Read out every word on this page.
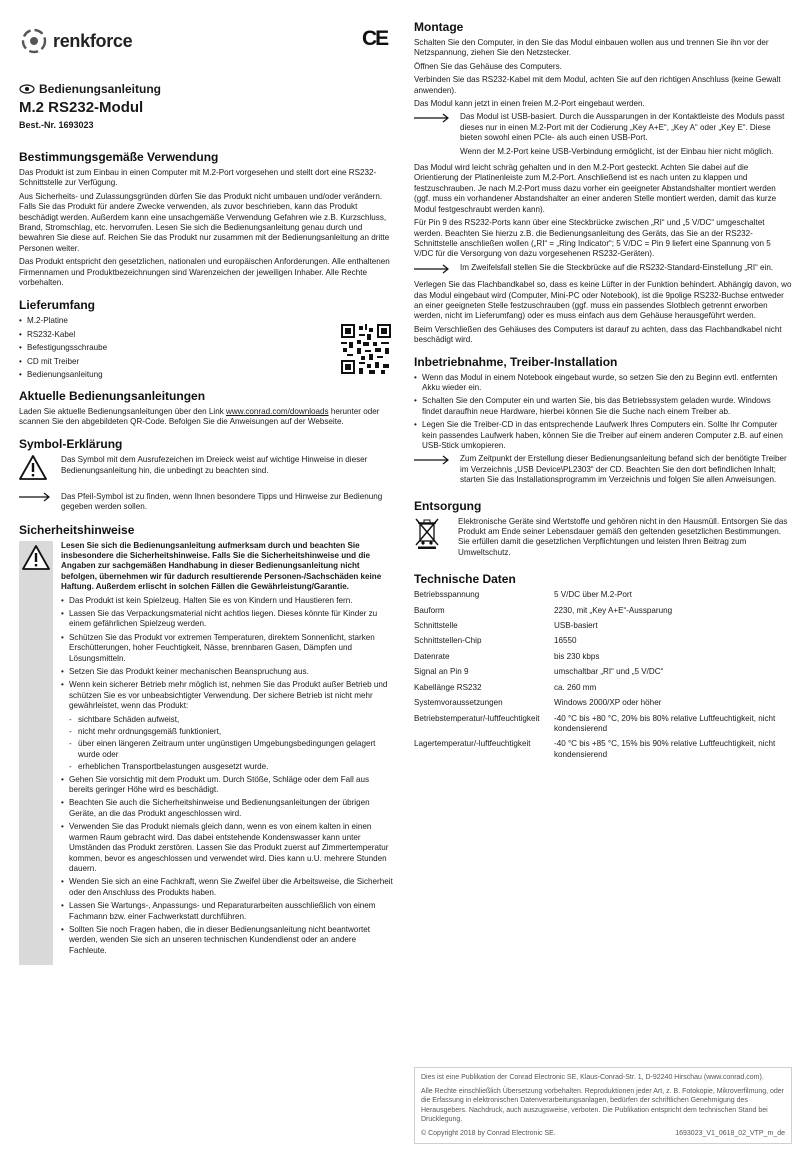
renkforce	CE
Bedienungsanleitung
M.2 RS232-Modul
Best.-Nr. 1693023
Bestimmungsgemäße Verwendung

Das Produkt ist zum Einbau in einen Computer mit M.2-Port vorgesehen und stellt dort eine RS232-Schnittstelle zur Verfügung.

Aus Sicherheits- und Zulassungsgründen dürfen Sie das Produkt nicht umbauen und/oder verändern. Falls Sie das Produkt für andere Zwecke verwenden, als zuvor beschrieben, kann das Produkt beschädigt werden. Außerdem kann eine unsachgemäße Verwendung Gefahren wie z.B. Kurzschluss, Brand, Stromschlag, etc. hervorrufen. Lesen Sie sich die Bedienungsanleitung genau durch und bewahren Sie diese auf. Reichen Sie das Produkt nur zusammen mit der Bedienungsanleitung an dritte Personen weiter.

Das Produkt entspricht den gesetzlichen, nationalen und europäischen Anforderungen. Alle enthaltenen Firmennamen und Produktbezeichnungen sind Warenzeichen der jeweiligen Inhaber. Alle Rechte vorbehalten.

Lieferumfang
• M.2-Platine
• RS232-Kabel
• Befestigungsschraube
• CD mit Treiber
• Bedienungsanleitung
Aktuelle Bedienungsanleitungen

Laden Sie aktuelle Bedienungsanleitungen über den Link www.conrad.com/downloads herunter oder scannen Sie den abgebildeten QR-Code. Befolgen Sie die Anweisungen auf der Webseite.

Symbol-Erklärung

Das Symbol mit dem Ausrufezeichen im Dreieck weist auf wichtige Hinweise in dieser Bedienungsanleitung hin, die unbedingt zu beachten sind.

Das Pfeil-Symbol ist zu finden, wenn Ihnen besondere Tipps und Hinweise zur Bedienung gegeben werden sollen.

Sicherheitshinweise

Lesen Sie sich die Bedienungsanleitung aufmerksam durch und beachten Sie insbesondere die Sicherheitshinweise. Falls Sie die Sicherheitshinweise und die Angaben zur sachgemäßen Handhabung in dieser Bedienungsanleitung nicht befolgen, übernehmen wir für dadurch resultierende Personen-/Sachschäden keine Haftung. Außerdem erlischt in solchen Fällen die Gewährleistung/Garantie.

• Das Produkt ist kein Spielzeug. Halten Sie es von Kindern und Haustieren fern.
• Lassen Sie das Verpackungsmaterial nicht achtlos liegen. Dieses könnte für Kinder zu einem gefährlichen Spielzeug werden.
• Schützen Sie das Produkt vor extremen Temperaturen, direktem Sonnenlicht, starken Erschütterungen, hoher Feuchtigkeit, Nässe, brennbaren Gasen, Dämpfen und Lösungsmitteln.
• Setzen Sie das Produkt keiner mechanischen Beanspruchung aus.
• Wenn kein sicherer Betrieb mehr möglich ist, nehmen Sie das Produkt außer Betrieb und schützen Sie es vor unbeabsichtigter Verwendung. Der sichere Betrieb ist nicht mehr gewährleistet, wenn das Produkt:
- sichtbare Schäden aufweist,
- nicht mehr ordnungsgemäß funktioniert,
- über einen längeren Zeitraum unter ungünstigen Umgebungsbedingungen gelagert wurde oder
- erheblichen Transportbelastungen ausgesetzt wurde.
• Gehen Sie vorsichtig mit dem Produkt um. Durch Stöße, Schläge oder dem Fall aus bereits geringer Höhe wird es beschädigt.
• Beachten Sie auch die Sicherheitshinweise und Bedienungsanleitungen der übrigen Geräte, an die das Produkt angeschlossen wird.
• Verwenden Sie das Produkt niemals gleich dann, wenn es von einem kalten in einen warmen Raum gebracht wird. Das dabei entstehende Kondenswasser kann unter Umständen das Produkt zerstören. Lassen Sie das Produkt zuerst auf Zimmertemperatur kommen, bevor es angeschlossen und verwendet wird. Dies kann u.U. mehrere Stunden dauern.
• Wenden Sie sich an eine Fachkraft, wenn Sie Zweifel über die Arbeitsweise, die Sicherheit oder den Anschluss des Produkts haben.
• Lassen Sie Wartungs-, Anpassungs- und Reparaturarbeiten ausschließlich von einem Fachmann bzw. einer Fachwerkstatt durchführen.
• Sollten Sie noch Fragen haben, die in dieser Bedienungsanleitung nicht beantwortet werden, wenden Sie sich an unseren technischen Kundendienst oder an andere Fachleute.
Montage

Schalten Sie den Computer, in den Sie das Modul einbauen wollen aus und trennen Sie ihn vor der Netzspannung, ziehen Sie den Netzstecker.

Öffnen Sie das Gehäuse des Computers.

Verbinden Sie das RS232-Kabel mit dem Modul, achten Sie auf den richtigen Anschluss (keine Gewalt anwenden).

Das Modul kann jetzt in einen freien M.2-Port eingebaut werden.

Das Modul ist USB-basiert. Durch die Aussparungen in der Kontaktleiste des Moduls passt dieses nur in einen M.2-Port mit der Codierung „Key A+E“, „Key A“ oder „Key E“. Diese bieten sowohl einen PCIe- als auch einen USB-Port.

Wenn der M.2-Port keine USB-Verbindung ermöglicht, ist der Einbau hier nicht möglich.

Das Modul wird leicht schräg gehalten und in den M.2-Port gesteckt. Achten Sie dabei auf die Orientierung der Platinenleiste zum M.2-Port. Anschließend ist es nach unten zu klappen und festzuschrauben. Je nach M.2-Port muss dazu vorher ein geeigneter Abstandshalter montiert werden (ggf. muss ein vorhandener Abstandshalter an einer anderen Stelle montiert werden, damit das kurze Modul festgeschraubt werden kann).

Für Pin 9 des RS232-Ports kann über eine Steckbrücke zwischen „RI“ und „5 V/DC“ umgeschaltet werden. Beachten Sie hierzu z.B. die Bedienungsanleitung des Geräts, das Sie an der RS232-Schnittstelle anschließen wollen („RI“ = „Ring Indicator“; 5 V/DC = Pin 9 liefert eine Spannung von 5 V/DC für die Versorgung von dazu vorgesehenen RS232-Geräten).

Im Zweifelsfall stellen Sie die Steckbrücke auf die RS232-Standard-Einstellung „RI“ ein.

Verlegen Sie das Flachbandkabel so, dass es keine Lüfter in der Funktion behindert. Abhängig davon, wo das Modul eingebaut wird (Computer, Mini-PC oder Notebook), ist die 9polige RS232-Buchse entweder an einer geeigneten Stelle festzuschrauben (ggf. muss ein passendes Slotblech getrennt erworben werden, nicht im Lieferumfang) oder es muss einfach aus dem Gehäuse herausgeführt werden.

Beim Verschließen des Gehäuses des Computers ist darauf zu achten, dass das Flachbandkabel nicht beschädigt wird.

Inbetriebnahme, Treiber-Installation
• Wenn das Modul in einem Notebook eingebaut wurde, so setzen Sie den zu Beginn evtl. entfernten Akku wieder ein.
• Schalten Sie den Computer ein und warten Sie, bis das Betriebssystem geladen wurde. Windows findet daraufhin neue Hardware, hierbei können Sie die Suche nach einem Treiber ab.
• Legen Sie die Treiber-CD in das entsprechende Laufwerk Ihres Computers ein. Sollte Ihr Computer kein passendes Laufwerk haben, können Sie die Treiber auf einem anderen Computer z.B. auf einen USB-Stick umkopieren.

Zum Zeitpunkt der Erstellung dieser Bedienungsanleitung befand sich der benötigte Treiber im Verzeichnis „USB Device\PL2303“ der CD. Beachten Sie den dort befindlichen Inhalt; starten Sie das Installationsprogramm im Verzeichnis und folgen Sie allen Anweisungen.

Entsorgung

Elektronische Geräte sind Wertstoffe und gehören nicht in den Hausmüll. Entsorgen Sie das Produkt am Ende seiner Lebensdauer gemäß den geltenden gesetzlichen Bestimmungen. Sie erfüllen damit die gesetzlichen Verpflichtungen und leisten Ihren Beitrag zum Umweltschutz.

Technische Daten
Betriebsspannung	5 V/DC über M.2-Port
Bauform	2230, mit „Key A+E“-Aussparung
Schnittstelle	USB-basiert
Schnittstellen-Chip	16550
Datenrate	bis 230 kbps
Signal an Pin 9	umschaltbar „RI“ und „5 V/DC“
Kabellänge RS232	ca. 260 mm
Systemvoraussetzungen	Windows 2000/XP oder höher
Betriebstemperatur/-luftfeuchtigkeit	-40 °C bis +80 °C, 20% bis 80% relative Luftfeuchtigkeit, nicht kondensierend
Lagertemperatur/-luftfeuchtigkeit	-40 °C bis +85 °C, 15% bis 90% relative Luftfeuchtigkeit, nicht kondensierend
Dies ist eine Publikation der Conrad Electronic SE, Klaus-Conrad-Str. 1, D-92240 Hirschau (www.conrad.com).
Alle Rechte einschließlich Übersetzung vorbehalten. Reproduktionen jeder Art, z. B. Fotokopie, Mikroverfilmung, oder die Erfassung in elektronischen Datenverarbeitungsanlagen, bedürfen der schriftlichen Genehmigung des Herausgebers. Nachdruck, auch auszugsweise, verboten. Die Publikation entspricht dem technischen Stand bei Drucklegung.
© Copyright 2018 by Conrad Electronic SE.	1693023_V1_0618_02_VTP_m_de
